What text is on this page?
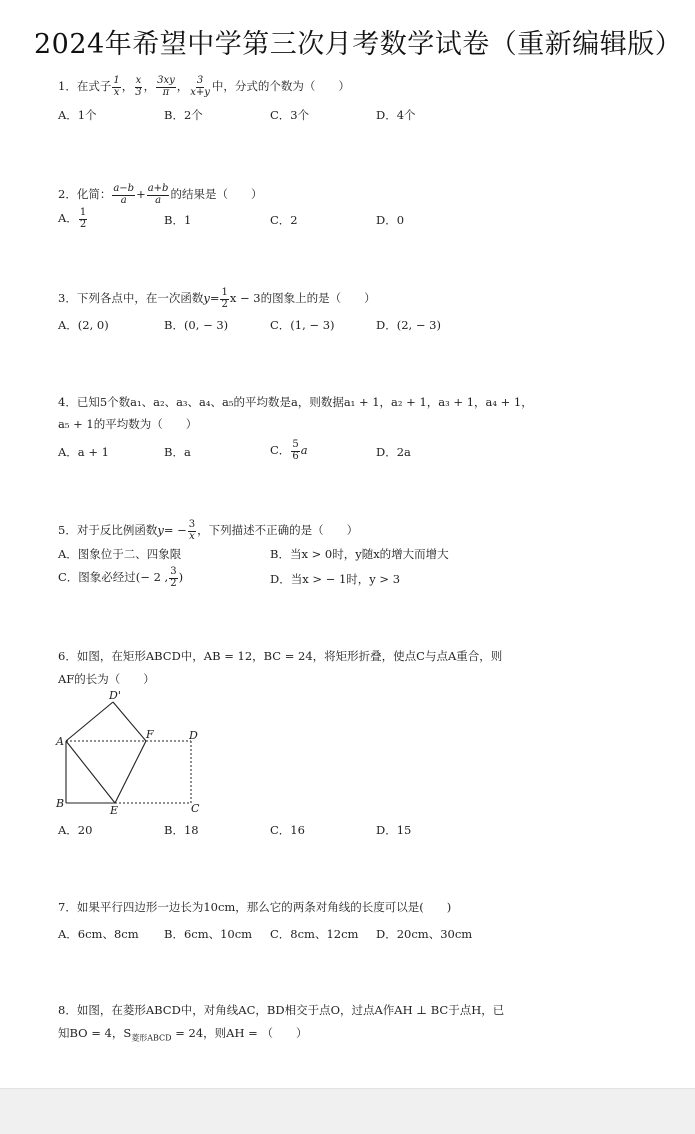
2024年希望中学第三次月考数学试卷（重新编辑版）
1．在式子 $\frac{1}{x}$ ， $\frac{x}{3}$ ， $\frac{3xy}{\pi}$ ， $\frac{3}{x+y}$ 中，分式的个数为（　　）
A．1个	B．2个	C．3个	D．4个
2．化简： $\frac{a-b}{a} + \frac{a+b}{a}$ 的结果是（　　）
A． $\frac{1}{2}$	B．1	C．2	D．0
3．下列各点中，在一次函数$y= \frac{1}{2}$ x − 3的图象上的是（　　）
A．(2, 0)	B．(0, − 3)	C．(1, − 3)	D．(2, − 3)
4．已知5个数a₁、a₂、a₃、a₄、a₅的平均数是a，则数据a₁ + 1，a₂ + 1，a₃ + 1，a₄ + 1，
a₅ + 1的平均数为（　　）
A．a + 1	B．a	C． $\frac{5}{6}$ a	D．2a
5．对于反比例函数$y= - \frac{3}{x}$ ，下列描述不正确的是（　　）
A．图象位于二、四象限	B．当x > 0时，y随x的增大而增大
C．图象必经过(− 2 , $\frac{3}{2}$ )	D．当x > − 1时，y > 3
6．如图，在矩形ABCD中，AB = 12，BC = 24，将矩形折叠，使点C与点A重合，则
AF的长为（　　）
D'
A
F	D
B
E	C
A．20	B．18	C．16	D．15
7．如果平行四边形一边长为10cm，那么它的两条对角线的长度可以是(　　)
A．6cm、8cm B．6cm、10cm C．8cm、12cm D．20cm、30cm
8．如图，在菱形ABCD中，对角线AC，BD相交于点O，过点A作AH ⊥ BC于点H，已
知BO = 4，$S_{菱形ABCD} = 24$，则AH = （　　）
